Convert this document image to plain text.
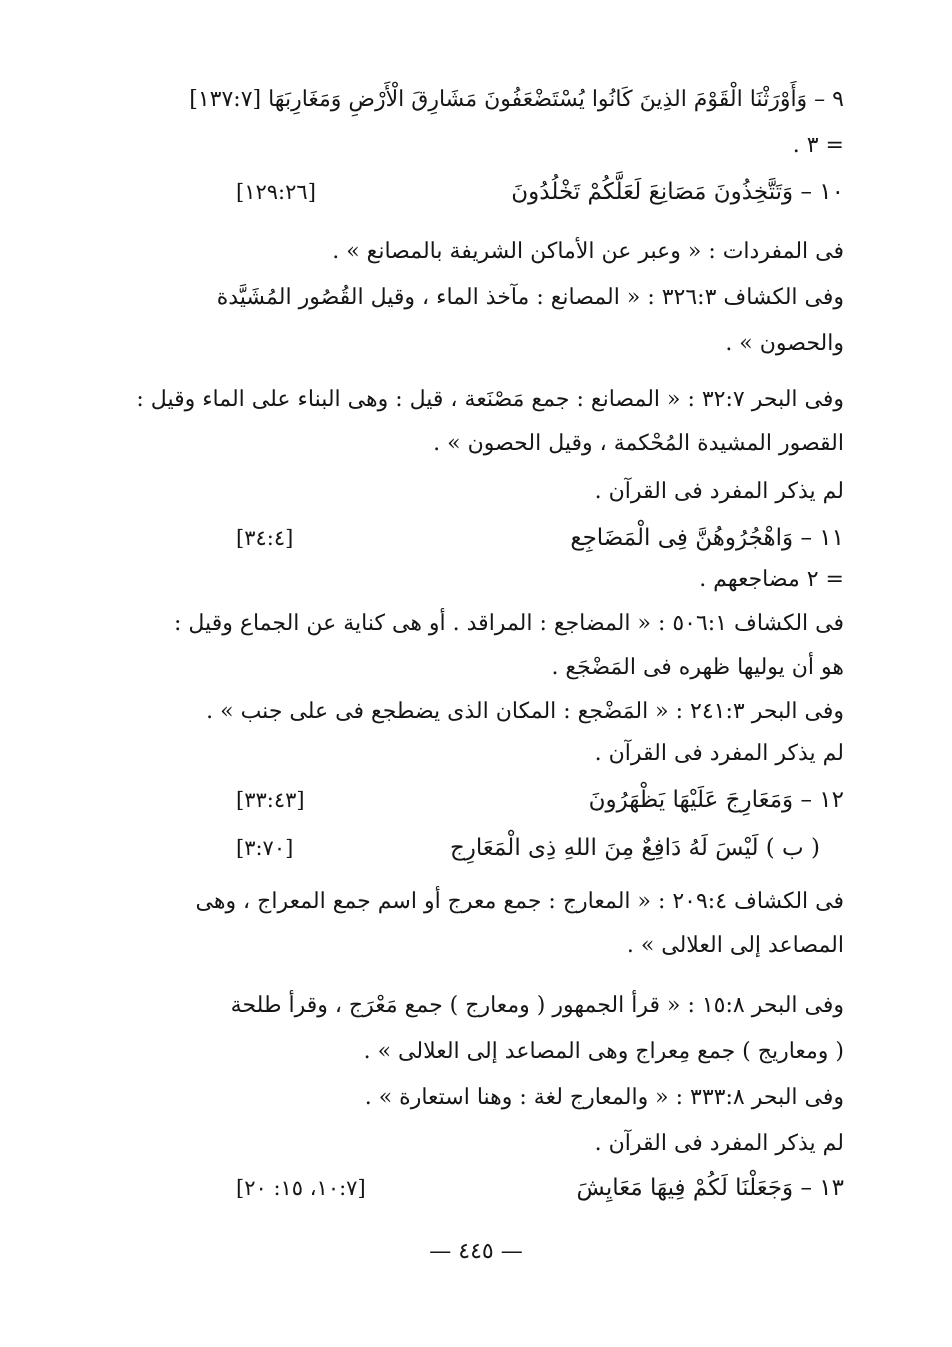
٩ – وَأَوْرَثْنَا الْقَوْمَ الذِينَ كَانُوا يُسْتَضْعَفُونَ مَشَارِقَ الْأَرْضِ وَمَغَارِبَهَا [١٣٧:٧]
= ٣ .
١٠ – وَتَتَّخِذُونَ مَصَانِعَ لَعَلَّكُمْ تَخْلُدُونَ
[١٢٩:٢٦]
فى المفردات : « وعبر عن الأماكن الشريفة بالمصانع » .
وفى الكشاف ٣٢٦:٣ : « المصانع : مآخذ الماء ، وقيل القُصُور المُشَيَّدة
والحصون » .
وفى البحر ٣٢:٧ : « المصانع : جمع مَصْنَعة ، قيل : وهى البناء على الماء وقيل :
القصور المشيدة المُحْكمة ، وقيل الحصون » .
لم يذكر المفرد فى القرآن .
١١ – وَاهْجُرُوهُنَّ فِى الْمَضَاجِع
[٣٤:٤]
= ٢ مضاجعهم .
فى الكشاف ٥٠٦:١ : « المضاجع : المراقد . أو هى كناية عن الجماع وقيل :
هو أن يوليها ظهره فى المَضْجَع .
وفى البحر ٢٤١:٣ : « المَضْجع : المكان الذى يضطجع فى على جنب » .
لم يذكر المفرد فى القرآن .
١٢ – وَمَعَارِجَ عَلَيْهَا يَظْهَرُونَ
[٣٣:٤٣]
( ب ) لَيْسَ لَهُ دَافِعٌ مِنَ اللهِ ذِى الْمَعَارِج
[٣:٧٠]
فى الكشاف ٢٠٩:٤ : « المعارج : جمع معرج أو اسم جمع المعراج ، وهى
المصاعد إلى العلالى » .
وفى البحر ١٥:٨ : « قرأ الجمهور ( ومعارج ) جمع مَعْرَج ، وقرأ طلحة
( ومعاريج ) جمع مِعراج وهى المصاعد إلى العلالى » .
وفى البحر ٣٣٣:٨ : « والمعارج لغة : وهنا استعارة » .
لم يذكر المفرد فى القرآن .
١٣ – وَجَعَلْنَا لَكُمْ فِيهَا مَعَايِشَ
[١٠:٧، ١٥: ٢٠]
— ٤٤٥ —
